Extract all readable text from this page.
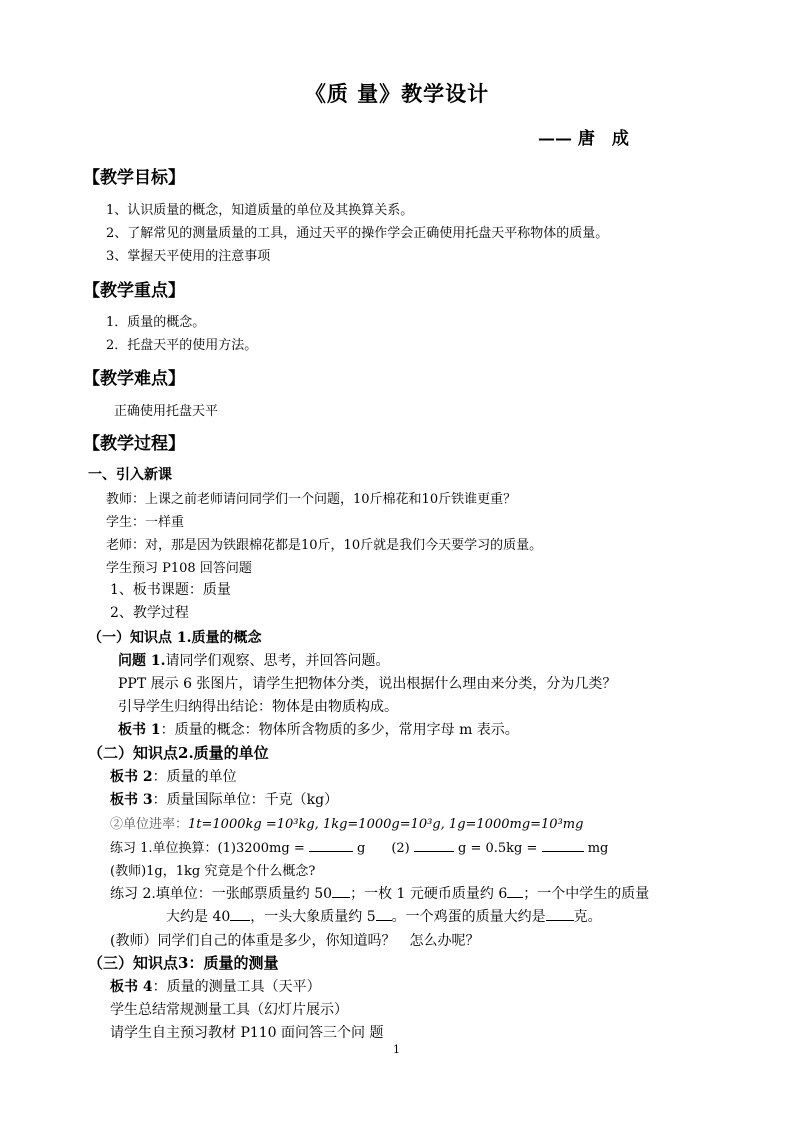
《质 量》教学设计
—— 唐　成
【教学目标】
1、认识质量的概念，知道质量的单位及其换算关系。
2、了解常见的测量质量的工具，通过天平的操作学会正确使用托盘天平称物体的质量。
3、掌握天平使用的注意事项
【教学重点】
1．质量的概念。
2．托盘天平的使用方法。
【教学难点】
正确使用托盘天平
【教学过程】
一、引入新课
教师：上课之前老师请问同学们一个问题，10斤棉花和10斤铁谁更重？
学生：一样重
老师：对，那是因为铁跟棉花都是10斤，10斤就是我们今天要学习的质量。
学生预习 P108 回答问题
1、板书课题：质量
2、教学过程
（一）知识点 1.质量的概念
问题 1.请同学们观察、思考，并回答问题。
PPT 展示 6 张图片，请学生把物体分类，说出根据什么理由来分类，分为几类？
引导学生归纳得出结论：物体是由物质构成。
板书 1：质量的概念：物体所含物质的多少，常用字母 m 表示。
（二）知识点2.质量的单位
板书 2：质量的单位
板书 3：质量国际单位：千克（kg）
②单位进率：1t=1000kg =10³kg, 1kg=1000g=10³g, 1g=1000mg=10³mg
练习 1.单位换算：(1)3200mg =	g　　(2)	g = 0.5kg =	mg
(教师)1g，1kg 究竟是个什么概念?
练习 2.填单位：一张邮票质量约 50 ；一枚 1 元硬币质量约 6 ；一个中学生的质量
大约是 40 ，一头大象质量约 5 。一个鸡蛋的质量大约是 克。
(教师）同学们自己的体重是多少，你知道吗？　怎么办呢？
（三）知识点3：质量的测量
板书 4：质量的测量工具（天平）
学生总结常规测量工具（幻灯片展示）
请学生自主预习教材 P110 面问答三个问 题
1
